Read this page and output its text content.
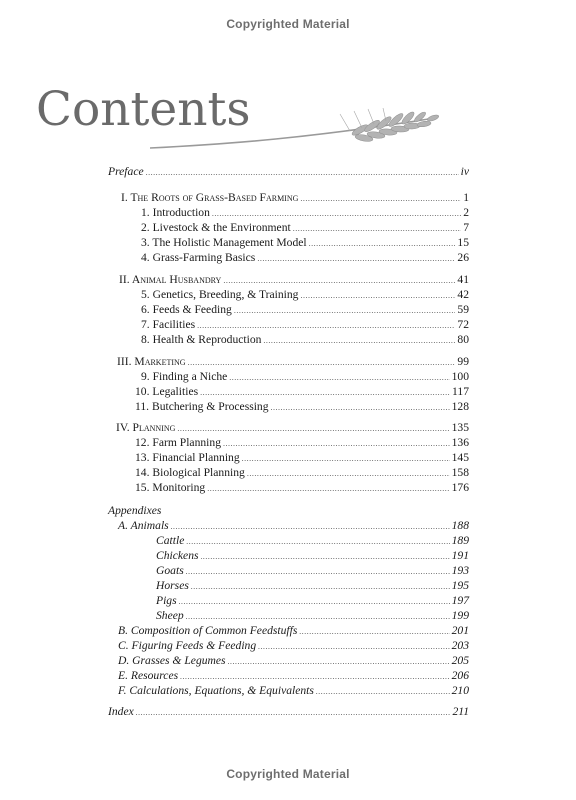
Copyrighted Material
Contents
Preface .....	iv
I. The Roots of Grass-Based Farming .....	1
1. Introduction .....	2
2. Livestock & the Environment .....	7
3. The Holistic Management Model .....	15
4. Grass-Farming Basics .....	26
II. Animal Husbandry .....	41
5. Genetics, Breeding, & Training .....	42
6. Feeds & Feeding .....	59
7. Facilities .....	72
8. Health & Reproduction .....	80
III. Marketing .....	99
9. Finding a Niche .....	100
10. Legalities .....	117
11. Butchering & Processing .....	128
IV. Planning .....	135
12. Farm Planning .....	136
13. Financial Planning .....	145
14. Biological Planning .....	158
15. Monitoring .....	176
Appendixes
A. Animals .....	188
Cattle .....	189
Chickens .....	191
Goats .....	193
Horses .....	195
Pigs .....	197
Sheep .....	199
B. Composition of Common Feedstuffs .....	201
C. Figuring Feeds & Feeding .....	203
D. Grasses & Legumes .....	205
E. Resources .....	206
F. Calculations, Equations, & Equivalents .....	210
Index .....	211
Copyrighted Material
